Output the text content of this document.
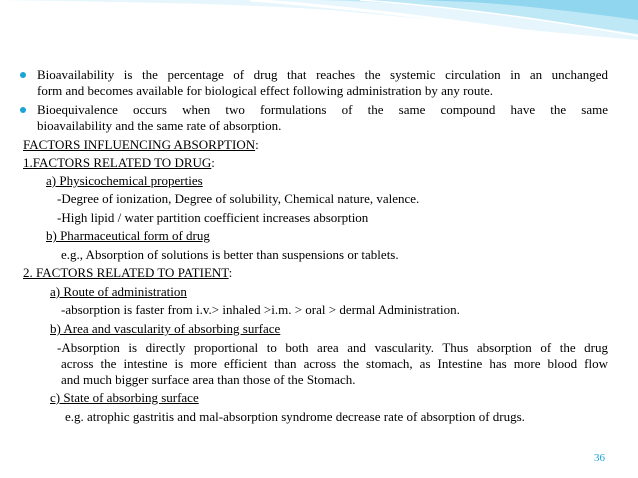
Bioavailability is the percentage of drug that reaches the systemic circulation in an unchanged
form and becomes available for biological effect following administration by any route.
Bioequivalence occurs when two formulations of the same compound have the same
bioavailability and the same rate of absorption.
FACTORS INFLUENCING ABSORPTION:
1.FACTORS RELATED TO DRUG:
a) Physicochemical properties
-Degree of ionization, Degree of solubility, Chemical nature, valence.
-High lipid / water partition coefficient increases absorption
b) Pharmaceutical form of drug
e.g., Absorption of solutions is better than suspensions or tablets.
2. FACTORS RELATED TO PATIENT:
a) Route of administration
-absorption is faster from i.v.> inhaled >i.m. > oral > dermal Administration.
b) Area and vascularity of absorbing surface
-Absorption is directly proportional to both area and vascularity. Thus absorption of the drug
across the intestine is more efficient than across the stomach, as Intestine has more blood flow
and much bigger surface area than those of the Stomach.
c) State of absorbing surface
e.g. atrophic gastritis and mal-absorption syndrome decrease rate of absorption of drugs.
36
